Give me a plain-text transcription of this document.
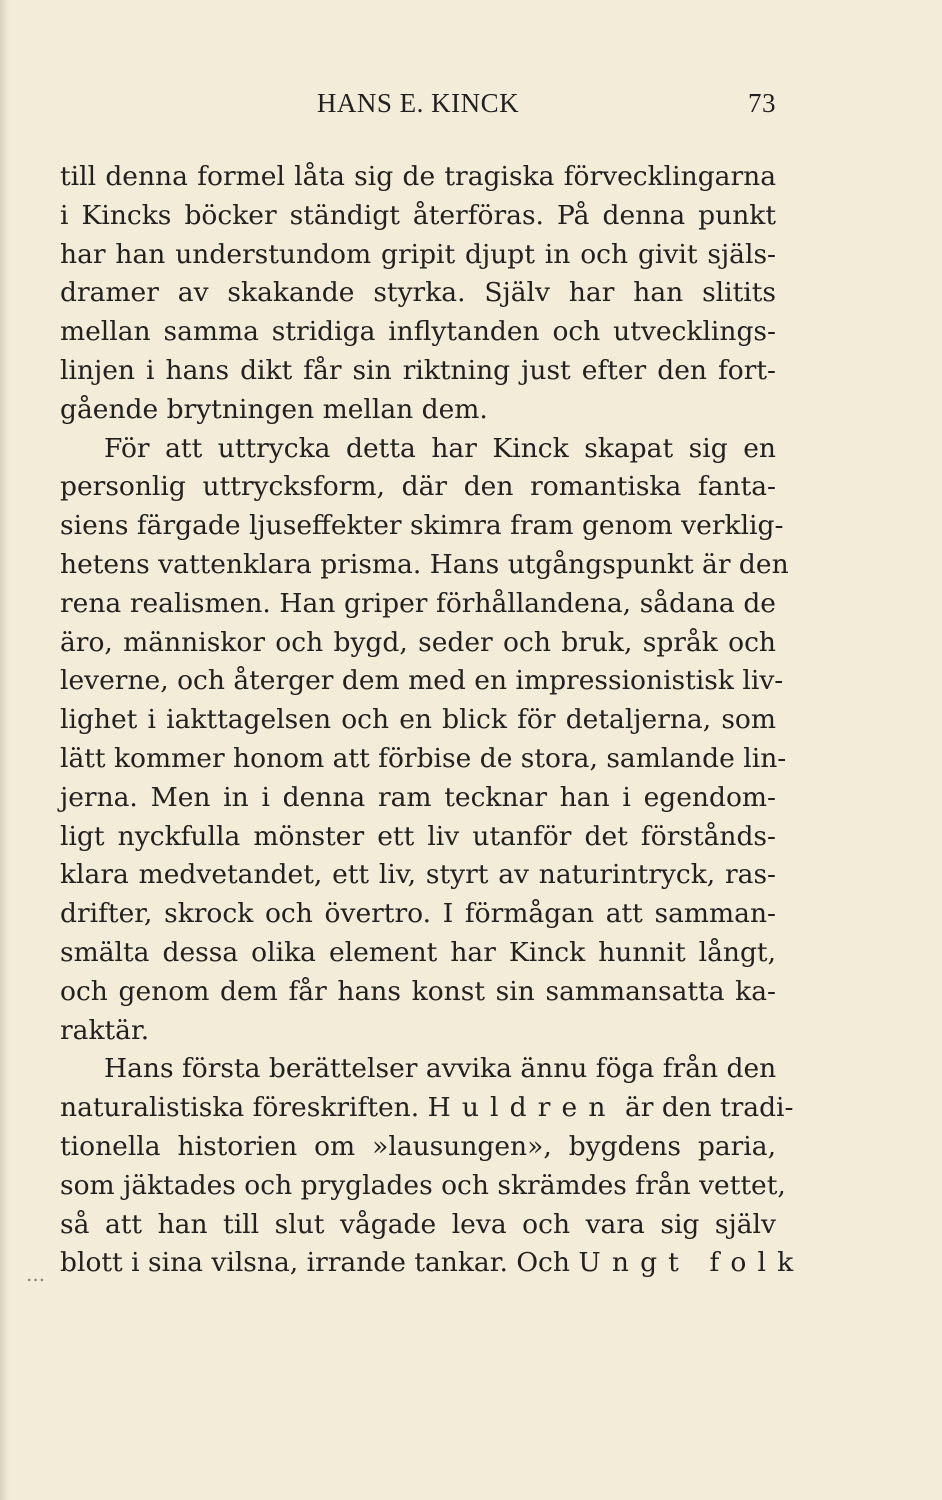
HANS E. KINCK	73
till denna formel låta sig de tragiska förvecklingarna
i Kincks böcker ständigt återföras. På denna punkt
har han understundom gripit djupt in och givit själs-
dramer av skakande styrka. Själv har han slitits
mellan samma stridiga inflytanden och utvecklings-
linjen i hans dikt får sin riktning just efter den fort-
gående brytningen mellan dem.
För att uttrycka detta har Kinck skapat sig en
personlig uttrycksform, där den romantiska fanta-
siens färgade ljuseffekter skimra fram genom verklig-
hetens vattenklara prisma. Hans utgångspunkt är den
rena realismen. Han griper förhållandena, sådana de
äro, människor och bygd, seder och bruk, språk och
leverne, och återger dem med en impressionistisk liv-
lighet i iakttagelsen och en blick för detaljerna, som
lätt kommer honom att förbise de stora, samlande lin-
jerna. Men in i denna ram tecknar han i egendom-
ligt nyckfulla mönster ett liv utanför det förstånds-
klara medvetandet, ett liv, styrt av naturintryck, ras-
drifter, skrock och övertro. I förmågan att samman-
smälta dessa olika element har Kinck hunnit långt,
och genom dem får hans konst sin sammansatta ka-
raktär.
Hans första berättelser avvika ännu föga från den
naturalistiska föreskriften. Huldren är den tradi-
tionella historien om »lausungen», bygdens paria,
som jäktades och pryglades och skrämdes från vettet,
så att han till slut vågade leva och vara sig själv
blott i sina vilsna, irrande tankar. Och Ungt folk
...
